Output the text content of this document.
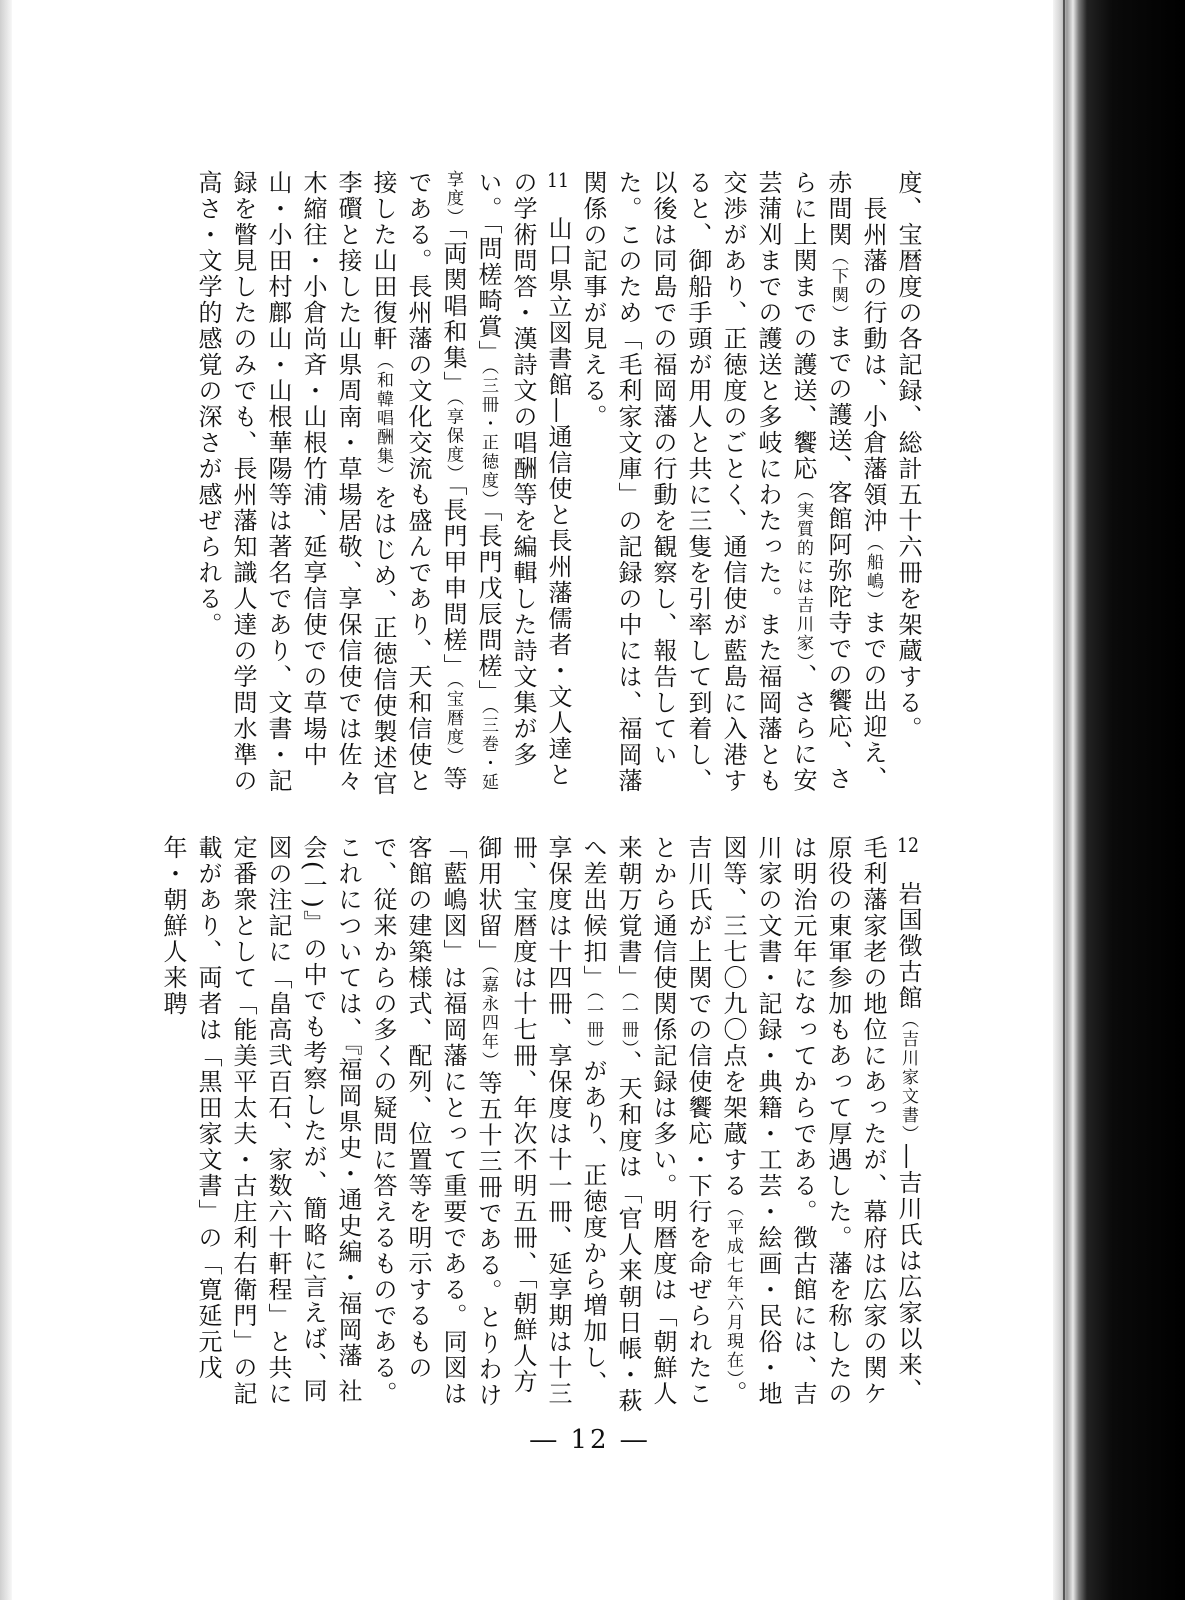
度、宝暦度の各記録、総計五十六冊を架蔵する。

　長州藩の行動は、小倉藩領沖（船嶋）までの出迎え、赤間関（下関）までの護送、客館阿弥陀寺での饗応、さらに上関までの護送、饗応（実質的には吉川家）、さらに安芸蒲刈までの護送と多岐にわたった。また福岡藩とも交渉があり、正徳度のごとく、通信使が藍島に入港すると、御船手頭が用人と共に三隻を引率して到着し、以後は同島での福岡藩の行動を観察し、報告していた。このため「毛利家文庫」の記録の中には、福岡藩関係の記事が見える。

11　山口県立図書館―通信使と長州藩儒者・文人達との学術問答・漢詩文の唱酬等を編輯した詩文集が多い。「問槎畸賞」（三冊・正徳度）「長門戊辰問槎」（三巻・延享度）「両関唱和集」（享保度）「長門甲申問槎」（宝暦度）等である。長州藩の文化交流も盛んであり、天和信使と接した山田復軒（和韓唱酬集）をはじめ、正徳信使製述官李礥と接した山県周南・草場居敬、享保信使では佐々木縮往・小倉尚斉・山根竹浦、延享信使での草場中山・小田村鄜山・山根華陽等は著名であり、文書・記録を瞥見したのみでも、長州藩知識人達の学問水準の高さ・文学的感覚の深さが感ぜられる。

12　岩国徴古館（吉川家文書）―吉川氏は広家以来、毛利藩家老の地位にあったが、幕府は広家の関ケ原役の東軍参加もあって厚遇した。藩を称したのは明治元年になってからである。徴古館には、吉川家の文書・記録・典籍・工芸・絵画・民俗・地図等、三七〇九〇点を架蔵する（平成七年六月現在）。吉川氏が上関での信使饗応・下行を命ぜられたことから通信使関係記録は多い。明暦度は「朝鮮人来朝万覚書」（一冊）、天和度は「官人来朝日帳・萩へ差出候扣」（一冊）があり、正徳度から増加し、享保度は十四冊、享保度は十一冊、延享期は十三冊、宝暦度は十七冊、年次不明五冊、「朝鮮人方御用状留」（嘉永四年）等五十三冊である。とりわけ「藍嶋図」は福岡藩にとって重要である。同図は客館の建築様式、配列、位置等を明示するもので、従来からの多くの疑問に答えるものである。これについては、『福岡県史・通史編・福岡藩 社会(一)』の中でも考察したが、簡略に言えば、同図の注記に「畠高弐百石、家数六十軒程」と共に定番衆として「能美平太夫・古庄利右衛門」の記載があり、両者は「黒田家文書」の「寛延元戊年・朝鮮人来聘

― 12 ―
